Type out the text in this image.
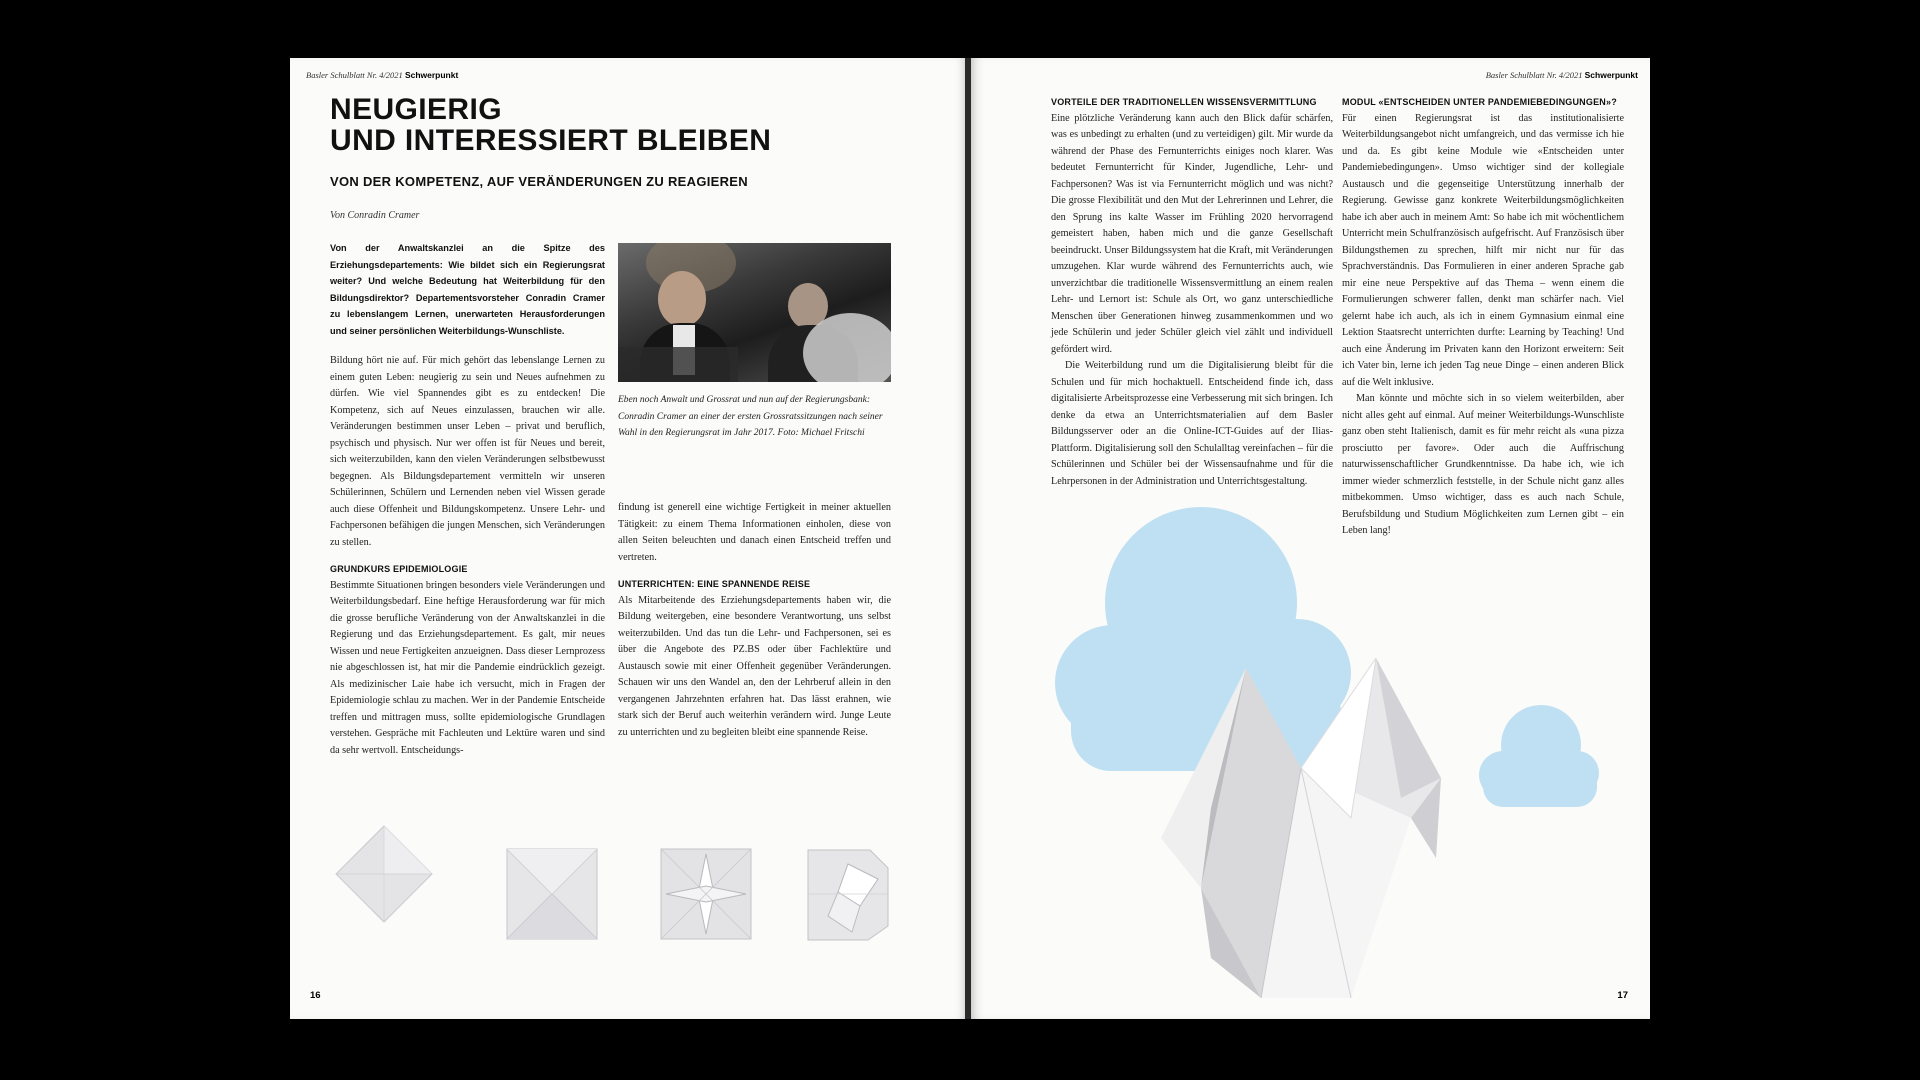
Basler Schulblatt Nr. 4/2021 Schwerpunkt
NEUGIERIG
UND INTERESSIERT BLEIBEN
VON DER KOMPETENZ, AUF VERÄNDERUNGEN ZU REAGIEREN
Von Conradin Cramer
Von der Anwaltskanzlei an die Spitze des Erziehungsdepartements: Wie bildet sich ein Regierungsrat weiter? Und welche Bedeutung hat Weiterbildung für den Bildungsdirektor? Departementsvorsteher Conradin Cramer zu lebenslangem Lernen, unerwarteten Herausforderungen und seiner persönlichen Weiterbildungs-Wunschliste.

Bildung hört nie auf. Für mich gehört das lebenslange Lernen zu einem guten Leben: neugierig zu sein und Neues aufnehmen zu dürfen. Wie viel Spannendes gibt es zu entdecken! Die Kompetenz, sich auf Neues einzulassen, brauchen wir alle. Veränderungen bestimmen unser Leben – privat und beruflich, psychisch und physisch. Nur wer offen ist für Neues und bereit, sich weiterzubilden, kann den vielen Veränderungen selbstbewusst begegnen. Als Bildungsdepartement vermitteln wir unseren Schülerinnen, Schülern und Lernenden neben viel Wissen gerade auch diese Offenheit und Bildungskompetenz. Unsere Lehr- und Fachpersonen befähigen die jungen Menschen, sich Veränderungen zu stellen.

GRUNDKURS EPIDEMIOLOGIE
Bestimmte Situationen bringen besonders viele Veränderungen und Weiterbildungsbedarf. Eine heftige Herausforderung war für mich die grosse berufliche Veränderung von der Anwaltskanzlei in die Regierung und das Erziehungsdepartement. Es galt, mir neues Wissen und neue Fertigkeiten anzueignen. Dass dieser Lernprozess nie abgeschlossen ist, hat mir die Pandemie eindrücklich gezeigt. Als medizinischer Laie habe ich versucht, mich in Fragen der Epidemiologie schlau zu machen. Wer in der Pandemie Entscheide treffen und mittragen muss, sollte epidemiologische Grundlagen verstehen. Gespräche mit Fachleuten und Lektüre waren und sind da sehr wertvoll. Entscheidungs-
Eben noch Anwalt und Grossrat und nun auf der Regierungsbank: Conradin Cramer an einer der ersten Grossratssitzungen nach seiner Wahl in den Regierungsrat im Jahr 2017. Foto: Michael Fritschi
findung ist generell eine wichtige Fertigkeit in meiner aktuellen Tätigkeit: zu einem Thema Informationen einholen, diese von allen Seiten beleuchten und danach einen Entscheid treffen und vertreten.
UNTERRICHTEN: EINE SPANNENDE REISE
Als Mitarbeitende des Erziehungsdepartements haben wir, die Bildung weitergeben, eine besondere Verantwortung, uns selbst weiterzubilden. Und das tun die Lehr- und Fachpersonen, sei es über die Angebote des PZ.BS oder über Fachlektüre und Austausch sowie mit einer Offenheit gegenüber Veränderungen. Schauen wir uns den Wandel an, den der Lehrberuf allein in den vergangenen Jahrzehnten erfahren hat. Das lässt erahnen, wie stark sich der Beruf auch weiterhin verändern wird. Junge Leute zu unterrichten und zu begleiten bleibt eine spannende Reise.
16
Basler Schulblatt Nr. 4/2021 Schwerpunkt
VORTEILE DER TRADITIONELLEN WISSENSVERMITTLUNG

Eine plötzliche Veränderung kann auch den Blick dafür schärfen, was es unbedingt zu erhalten (und zu verteidigen) gilt. Mir wurde da während der Phase des Fernunterrichts einiges noch klarer. Was bedeutet Fernunterricht für Kinder, Jugendliche, Lehr- und Fachpersonen? Was ist via Fernunterricht möglich und was nicht? Die grosse Flexibilität und den Mut der Lehrerinnen und Lehrer, die den Sprung ins kalte Wasser im Frühling 2020 hervorragend gemeistert haben, haben mich und die ganze Gesellschaft beeindruckt. Unser Bildungssystem hat die Kraft, mit Veränderungen umzugehen. Klar wurde während des Fernunterrichts auch, wie unverzichtbar die traditionelle Wissensvermittlung an einem realen Lehr- und Lernort ist: Schule als Ort, wo ganz unterschiedliche Menschen über Generationen hinweg zusammenkommen und wo jede Schülerin und jeder Schüler gleich viel zählt und individuell gefördert wird.

Die Weiterbildung rund um die Digitalisierung bleibt für die Schulen und für mich hochaktuell. Entscheidend finde ich, dass digitalisierte Arbeitsprozesse eine Verbesserung mit sich bringen. Ich denke da etwa an Unterrichtsmaterialien auf dem Basler Bildungsserver oder an die Online-ICT-Guides auf der Ilias-Plattform. Digitalisierung soll den Schulalltag vereinfachen – für die Schülerinnen und Schüler bei der Wissensaufnahme und für die Lehrpersonen in der Administration und Unterrichtsgestaltung.

MODUL «ENTSCHEIDEN UNTER PANDEMIEBEDINGUNGEN»?

Für einen Regierungsrat ist das institutionalisierte Weiterbildungsangebot nicht umfangreich, und das vermisse ich hie und da. Es gibt keine Module wie «Entscheiden unter Pandemiebedingungen». Umso wichtiger sind der kollegiale Austausch und die gegenseitige Unterstützung innerhalb der Regierung. Gewisse ganz konkrete Weiterbildungsmöglichkeiten habe ich aber auch in meinem Amt: So habe ich mit wöchentlichem Unterricht mein Schulfranzösisch aufgefrischt. Auf Französisch über Bildungsthemen zu sprechen, hilft mir nicht nur für das Sprachverständnis. Das Formulieren in einer anderen Sprache gab mir eine neue Perspektive auf das Thema – wenn einem die Formulierungen schwerer fallen, denkt man schärfer nach. Viel gelernt habe ich auch, als ich in einem Gymnasium einmal eine Lektion Staatsrecht unterrichten durfte: Learning by Teaching! Und auch eine Änderung im Privaten kann den Horizont erweitern: Seit ich Vater bin, lerne ich jeden Tag neue Dinge – einen anderen Blick auf die Welt inklusive.

Man könnte und möchte sich in so vielem weiterbilden, aber nicht alles geht auf einmal. Auf meiner Weiterbildungs-Wunschliste ganz oben steht Italienisch, damit es für mehr reicht als «una pizza prosciutto per favore». Oder auch die Auffrischung naturwissenschaftlicher Grundkenntnisse. Da habe ich, wie ich immer wieder schmerzlich feststelle, in der Schule nicht ganz alles mitbekommen. Umso wichtiger, dass es auch nach Schule, Berufsbildung und Studium Möglichkeiten zum Lernen gibt – ein Leben lang!

17
